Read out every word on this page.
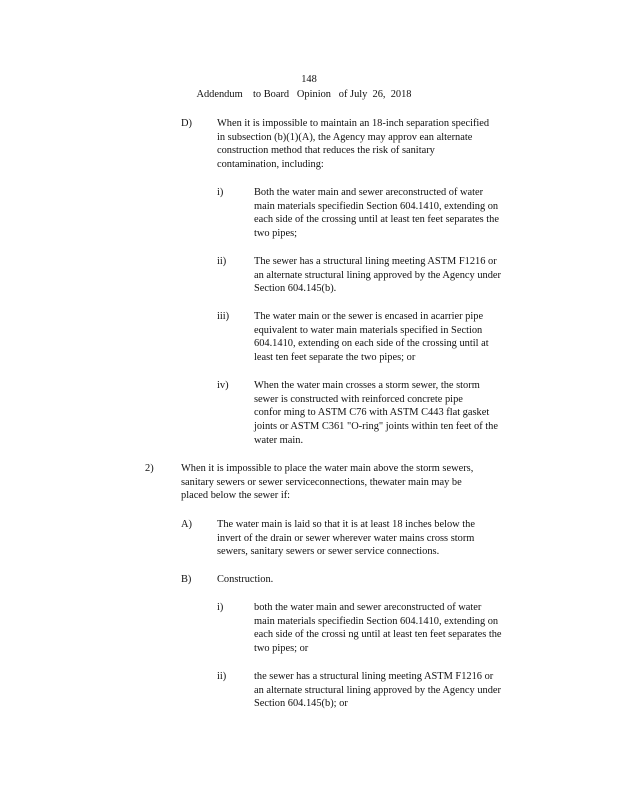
148
Addendum    to Board   Opinion   of July  26,  2018
D) When it is impossible to maintain an 18-inch separation specified
in subsection (b)(1)(A), the Agency may approv ean alternate
construction method that reduces the risk of sanitary
contamination, including:
i)	Both the water main and sewer areconstructed of water
main materials specifiedin Section 604.1410, extending on
each side of the crossing until at least ten feet separates the
two pipes;
ii)	The sewer has a structural lining meeting ASTM F1216 or
an alternate structural lining approved by the Agency under
Section 604.145(b).
iii) The water main or the sewer is encased in acarrier pipe
equivalent to water main materials specified in Section
604.1410, extending on each side of the crossing until at
least ten feet separate the two pipes; or
iv) When the water main crosses a storm sewer, the storm
sewer is constructed with reinforced concrete pipe
confor ming to ASTM C76 with ASTM C443 flat gasket
joints or ASTM C361 "O-ring" joints within ten feet of the
water main.
2)	When it is impossible to place the water main above the storm sewers,
sanitary sewers or sewer serviceconnections, thewater main may be
placed below the sewer if:
A) The water main is laid so that it is at least 18 inches below the
invert of the drain or sewer wherever water mains cross storm
sewers, sanitary sewers or sewer service connections.
B) Construction.
i)	both the water main and sewer areconstructed of water
main materials specifiedin Section 604.1410, extending on
each side of the crossi ng until at least ten feet separates the
two pipes; or
ii)	the sewer has a structural lining meeting ASTM F1216 or
an alternate structural lining approved by the Agency under
Section 604.145(b); or
